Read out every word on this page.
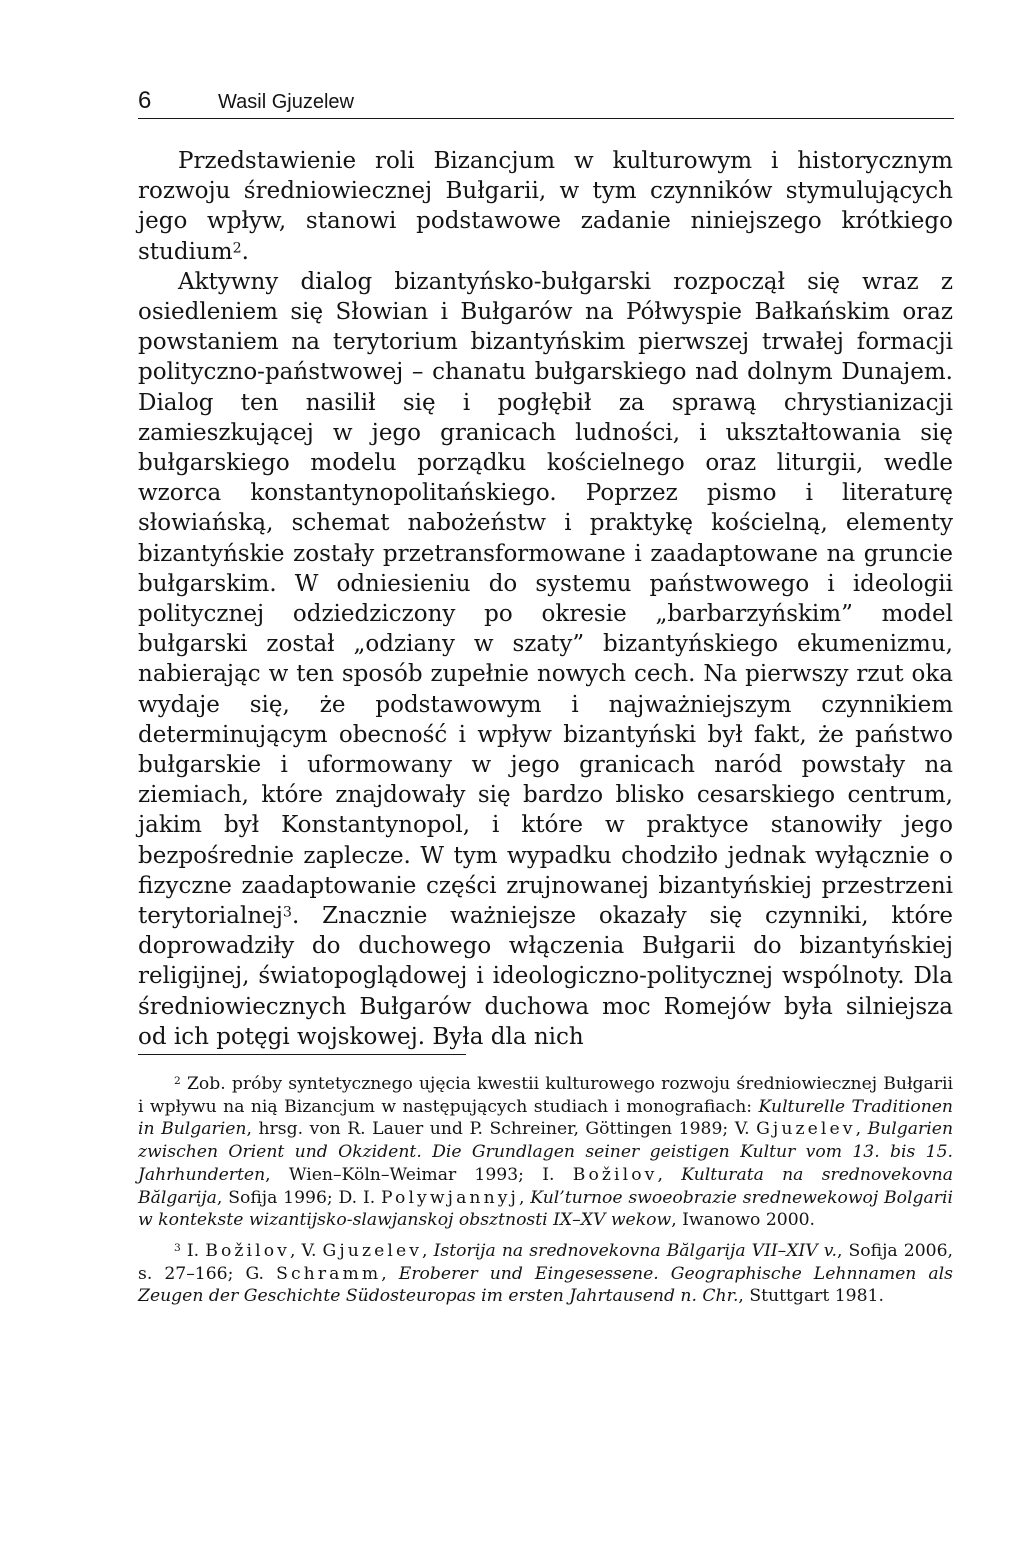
6	Wasil Gjuzelew

Przedstawienie roli Bizancjum w kulturowym i historycznym rozwoju średniowiecznej Bułgarii, w tym czynników stymulujących jego wpływ, stanowi podstawowe zadanie niniejszego krótkiego studium$^2$.

Aktywny dialog bizantyńsko-bułgarski rozpoczął się wraz z osiedleniem się Słowian i Bułgarów na Półwyspie Bałkańskim oraz powstaniem na terytorium bizantyńskim pierwszej trwałej formacji polityczno-państwowej – chanatu bułgarskiego nad dolnym Dunajem. Dialog ten nasilił się i pogłębił za sprawą chrystianizacji zamieszkującej w jego granicach ludności, i ukształtowania się bułgarskiego modelu porządku kościelnego oraz liturgii, wedle wzorca konstantynopolitańskiego. Poprzez pismo i literaturę słowiańską, schemat nabożeństw i praktykę kościelną, elementy bizantyńskie zostały przetransformowane i zaadaptowane na gruncie bułgarskim. W odniesieniu do systemu państwowego i ideologii politycznej odziedziczony po okresie „barbarzyńskim” model bułgarski został „odziany w szaty” bizantyńskiego ekumenizmu, nabierając w ten sposób zupełnie nowych cech. Na pierwszy rzut oka wydaje się, że podstawowym i najważniejszym czynnikiem determinującym obecność i wpływ bizantyński był fakt, że państwo bułgarskie i uformowany w jego granicach naród powstały na ziemiach, które znajdowały się bardzo blisko cesarskiego centrum, jakim był Konstantynopol, i które w praktyce stanowiły jego bezpośrednie zaplecze. W tym wypadku chodziło jednak wyłącznie o fizyczne zaadaptowanie części zrujnowanej bizantyńskiej przestrzeni terytorialnej$^3$. Znacznie ważniejsze okazały się czynniki, które doprowadziły do duchowego włączenia Bułgarii do bizantyńskiej religijnej, światopoglądowej i ideologiczno-politycznej wspólnoty. Dla średniowiecznych Bułgarów duchowa moc Romejów była silniejsza od ich potęgi wojskowej. Była dla nich

$^2$ Zob. próby syntetycznego ujęcia kwestii kulturowego rozwoju średniowiecznej Bułgarii i wpływu na nią Bizancjum w następujących studiach i monografiach: Kulturelle Traditionen in Bulgarien, hrsg. von R. Lauer und P. Schreiner, Göttingen 1989; V. Gjuzelev, Bulgarien zwischen Orient und Okzident. Die Grundlagen seiner geistigen Kultur vom 13. bis 15. Jahrhunderten, Wien–Köln–Weimar 1993; I. Božilov, Kulturata na srednovekovna Bălgarija, Sofija 1996; D. I. Polywjannyj, Kul’turnoe swoeobrazie srednewekowoj Bolgarii w kontekste wizantijsko-slawjanskoj obsztnosti IX–XV wekow, Iwanowo 2000.

$^3$ I. Božilov, V. Gjuzelev, Istorija na srednovekovna Bălgarija VII–XIV v., Sofija 2006, s. 27–166; G. Schramm, Eroberer und Eingesessene. Geographische Lehnnamen als Zeugen der Geschichte Südosteuropas im ersten Jahrtausend n. Chr., Stuttgart 1981.
